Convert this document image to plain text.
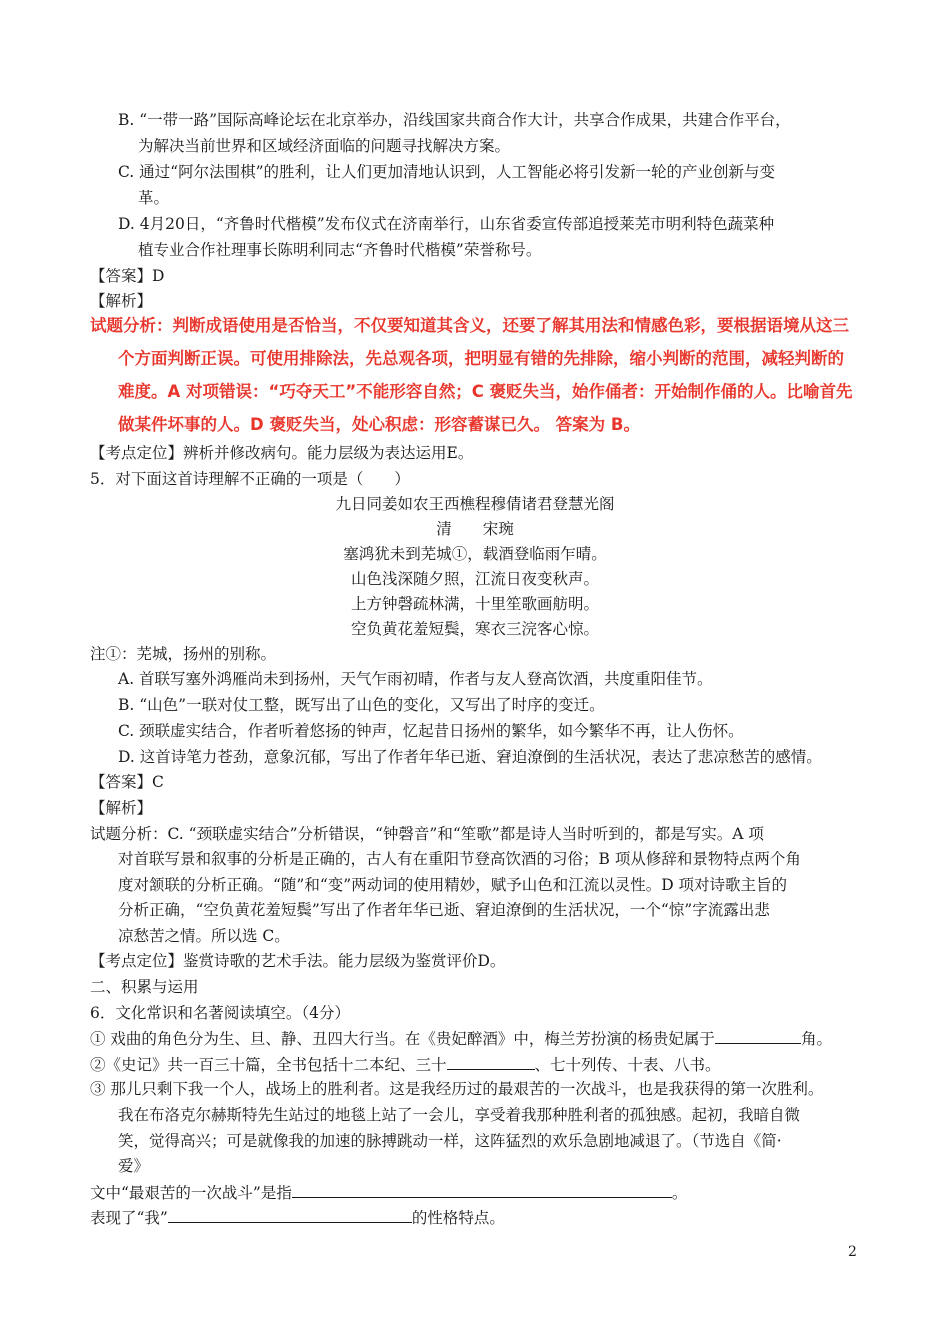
B. “一带一路”国际高峰论坛在北京举办，沿线国家共商合作大计，共享合作成果，共建合作平台，
为解决当前世界和区域经济面临的问题寻找解决方案。
C. 通过“阿尔法围棋”的胜利，让人们更加清地认识到，人工智能必将引发新一轮的产业创新与变
革。
D. 4月20日，“齐鲁时代楷模”发布仪式在济南举行，山东省委宣传部追授莱芜市明利特色蔬菜种
植专业合作社理事长陈明利同志“齐鲁时代楷模”荣誉称号。
【答案】D
【解析】
试题分析：判断成语使用是否恰当，不仅要知道其含义，还要了解其用法和情感色彩，要根据语境从这三
个方面判断正误。可使用排除法，先总观各项，把明显有错的先排除，缩小判断的范围，减轻判断的
难度。A 对项错误：“巧夺天工”不能形容自然；C 褒贬失当，始作俑者：开始制作俑的人。比喻首先
做某件坏事的人。D 褒贬失当，处心积虑：形容蓄谋已久。 答案为 B。
【考点定位】辨析并修改病句。能力层级为表达运用E。
5．对下面这首诗理解不正确的一项是（　　）
九日同姜如农王西樵程穆倩诸君登慧光阁
清　　宋琬
塞鸿犹未到芜城①，载酒登临雨乍晴。
山色浅深随夕照，江流日夜变秋声。
上方钟磬疏林满，十里笙歌画舫明。
空负黄花羞短鬓，寒衣三浣客心惊。
注①：芜城，扬州的别称。
A. 首联写塞外鸿雁尚未到扬州，天气乍雨初晴，作者与友人登高饮酒，共度重阳佳节。
B. “山色”一联对仗工整，既写出了山色的变化，又写出了时序的变迁。
C. 颈联虚实结合，作者听着悠扬的钟声，忆起昔日扬州的繁华，如今繁华不再，让人伤怀。
D. 这首诗笔力苍劲，意象沉郁，写出了作者年华已逝、窘迫潦倒的生活状况，表达了悲凉愁苦的感情。
【答案】C
【解析】
试题分析：C. “颈联虚实结合”分析错误，“钟磬音”和“笙歌”都是诗人当时听到的，都是写实。A 项
对首联写景和叙事的分析是正确的，古人有在重阳节登高饮酒的习俗；B 项从修辞和景物特点两个角
度对颔联的分析正确。“随”和“变”两动词的使用精妙，赋予山色和江流以灵性。D 项对诗歌主旨的
分析正确，“空负黄花羞短鬓”写出了作者年华已逝、窘迫潦倒的生活状况，一个“惊”字流露出悲
凉愁苦之情。所以选 C。
【考点定位】鉴赏诗歌的艺术手法。能力层级为鉴赏评价D。
二、积累与运用
6．文化常识和名著阅读填空。（4分）
① 戏曲的角色分为生、旦、静、丑四大行当。在《贵妃醉酒》中，梅兰芳扮演的杨贵妃属于	角。
②《史记》共一百三十篇，全书包括十二本纪、三十	、七十列传、十表、八书。
③ 那儿只剩下我一个人，战场上的胜利者。这是我经历过的最艰苦的一次战斗，也是我获得的第一次胜利。
我在布洛克尔赫斯特先生站过的地毯上站了一会儿，享受着我那种胜利者的孤独感。起初，我暗自微
笑，觉得高兴；可是就像我的加速的脉搏跳动一样，这阵猛烈的欢乐急剧地减退了。（节选自《简·
爱》
文中“最艰苦的一次战斗”是指	。
表现了“我”	的性格特点。
2
